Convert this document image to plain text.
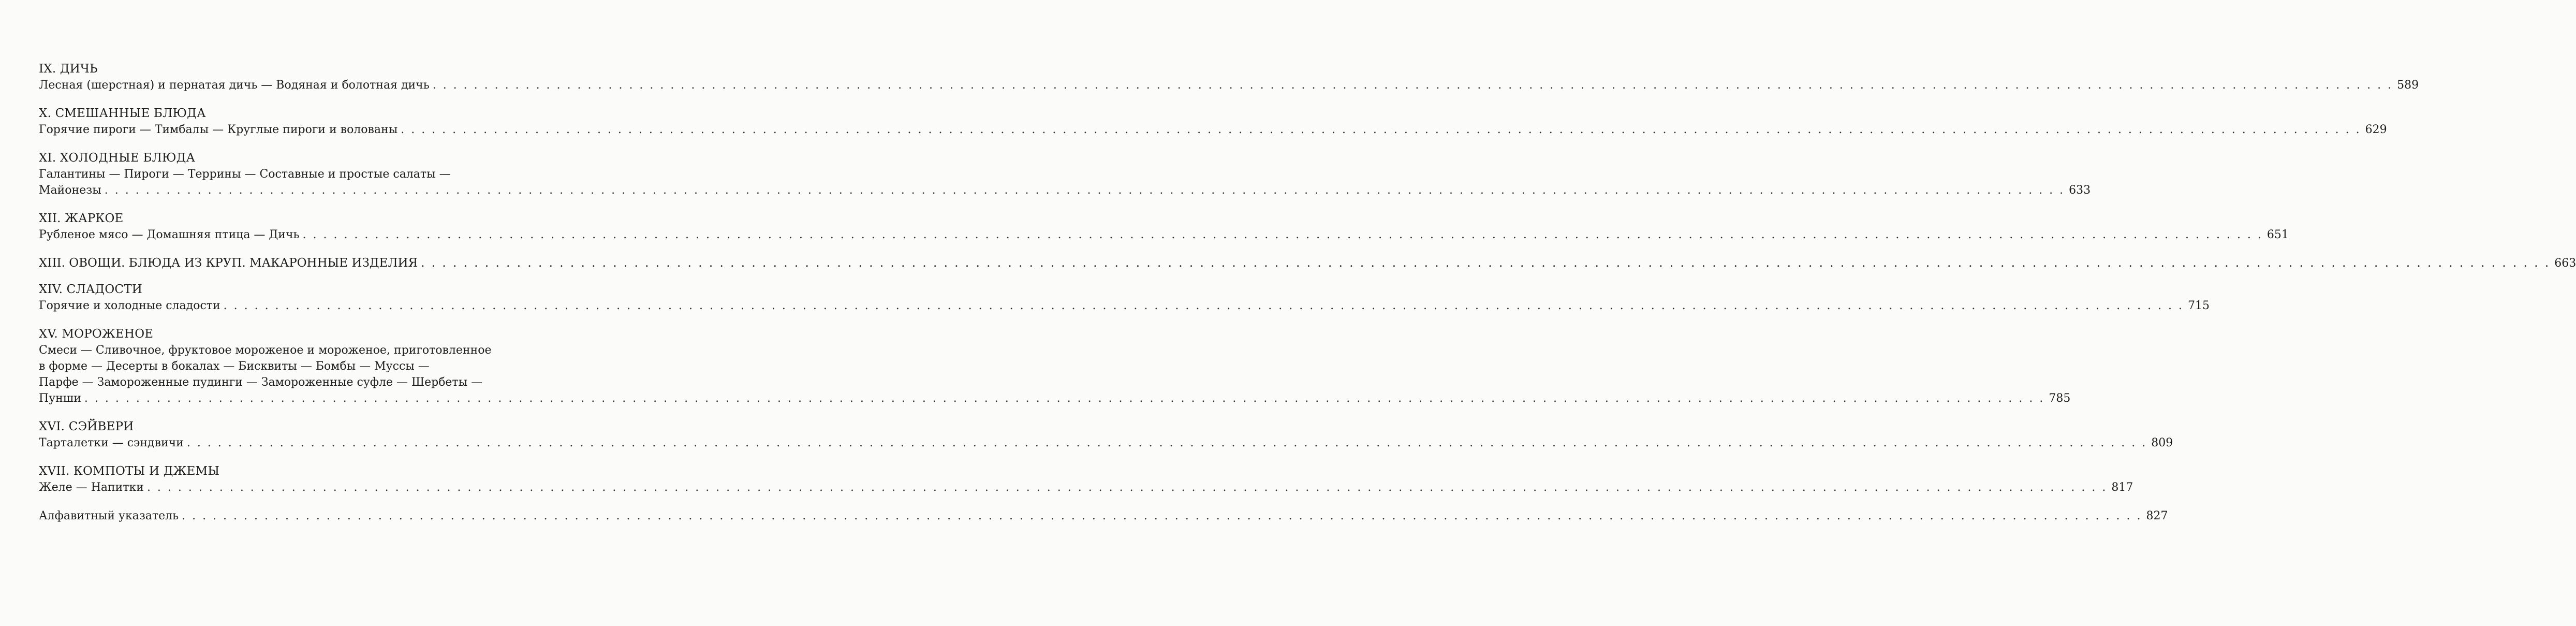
IX. ДИЧЬ
Лесная (шерстная) и пернатая дичь — Водяная и болотная дичь . . .	589
X. СМЕШАННЫЕ БЛЮДА
Горячие пироги — Тимбалы — Круглые пироги и волованы . . .	629
XI. ХОЛОДНЫЕ БЛЮДА
Галантины — Пироги — Террины — Составные и простые салаты —
Майонезы . . .	633
XII. ЖАРКОЕ
Рубленое мясо — Домашняя птица — Дичь . . .	651
XIII. ОВОЩИ. БЛЮДА ИЗ КРУП. МАКАРОННЫЕ ИЗДЕЛИЯ . . . . . . . . . . . . . . . . . . . . . . . . . . . . . . . . . . . . . . . . . . . . . . . . . . . . . . . . . . . . . . . . . . . . . . . . . . . . . . . . . . . . . . . . . . . . . . . . . . . . . . . . . . . . . . . . . . . . . . . . . . . . . . . . . . . . . . . . . . . . . . . . . . . . . . . . . . . . . . . . . . . . . . . . . . . . . . . . . . . . . . . . . . . . . . . . . . . . . . . . 663
XIV. СЛАДОСТИ
Горячие и холодные сладости . . .	715
XV. МОРОЖЕНОЕ
Смеси — Сливочное, фруктовое мороженое и мороженое, приготовленное
в форме — Десерты в бокалах — Бисквиты — Бомбы — Муссы —
Парфе — Замороженные пудинги — Замороженные суфле — Шербеты —
Пунши . . .	785
XVI. СЭЙВЕРИ
Тарталетки — сэндвичи . . .	809
XVII. КОМПОТЫ И ДЖЕМЫ
Желе — Напитки . . .	817
Алфавитный указатель . . .	827
